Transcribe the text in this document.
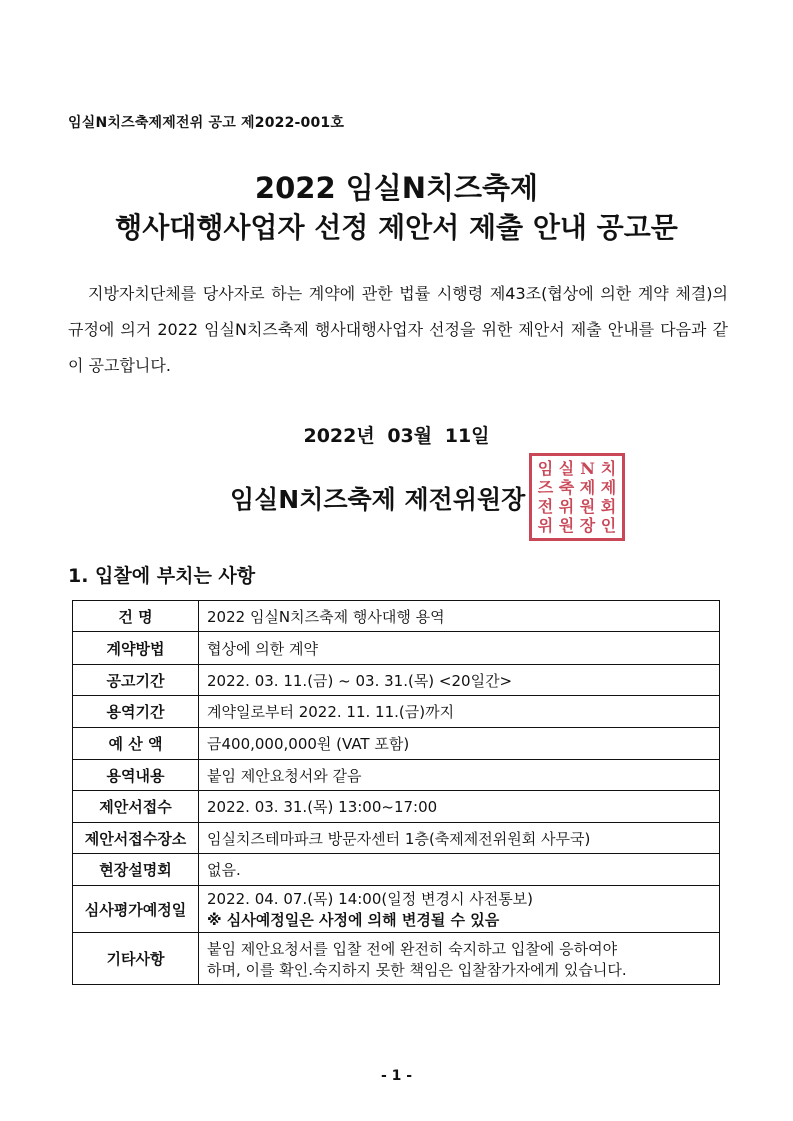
임실N치즈축제제전위 공고 제2022-001호
2022 임실N치즈축제
행사대행사업자 선정 제안서 제출 안내 공고문

지방자치단체를 당사자로 하는 계약에 관한 법률 시행령 제43조(협상에 의한 계약 체결)의 규정에 의거 2022 임실N치즈축제 행사대행사업자 선정을 위한 제안서 제출 안내를 다음과 같이 공고합니다.

2022년 03월 11일
임실N치즈축제 제전위원장
임 실 N 치
즈 축 제 제
전 위 원 회
위 원 장 인
1. 입찰에 부치는 사항
건 명	2022 임실N치즈축제 행사대행 용역

계약방법	협상에 의한 계약

공고기간	2022. 03. 11.(금) ~ 03. 31.(목) <20일간>

용역기간	계약일로부터 2022. 11. 11.(금)까지

예 산 액	금400,000,000원 (VAT 포함)

용역내용	붙임 제안요청서와 같음

제안서접수	2022. 03. 31.(목) 13:00~17:00

제안서접수장소	임실치즈테마파크 방문자센터 1층(축제제전위원회 사무국)

현장설명회	없음.

심사평가예정일	2022. 04. 07.(목) 14:00(일정 변경시 사전통보)
※ 심사예정일은 사정에 의해 변경될 수 있음

기타사항	붙임 제안요청서를 입찰 전에 완전히 숙지하고 입찰에 응하여야
하며, 이를 확인.숙지하지 못한 책임은 입찰참가자에게 있습니다.
- 1 -
